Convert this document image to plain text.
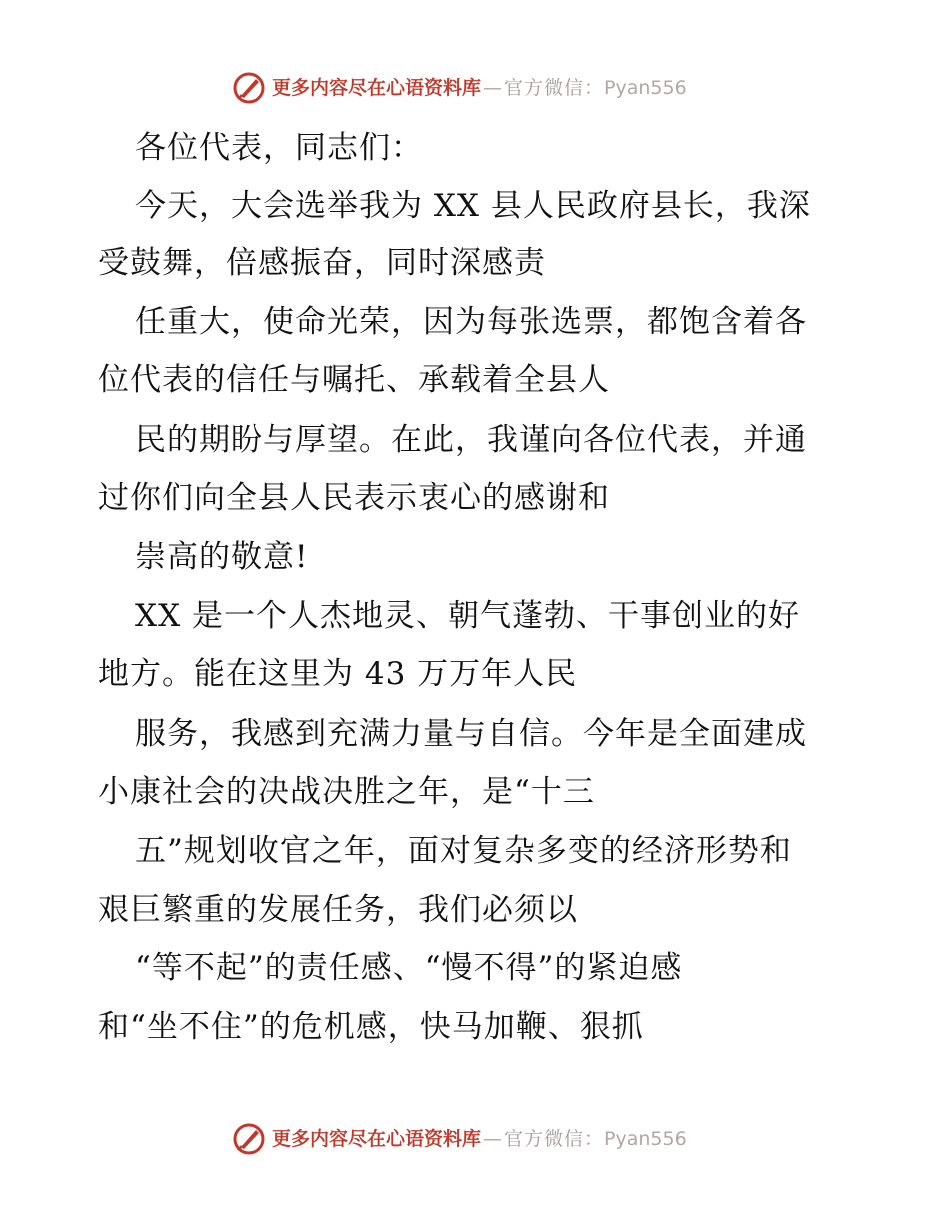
更多内容尽在心语资料库 — 官方微信： Pyan556
各位代表，同志们：
今天，大会选举我为 XX 县人民政府县长，我深
受鼓舞，倍感振奋，同时深感责
任重大，使命光荣，因为每张选票，都饱含着各
位代表的信任与嘱托、承载着全县人
民的期盼与厚望。在此，我谨向各位代表，并通
过你们向全县人民表示衷心的感谢和
崇高的敬意!
XX 是一个人杰地灵、朝气蓬勃、干事创业的好
地方。能在这里为 43 万万年人民
服务，我感到充满力量与自信。今年是全面建成
小康社会的决战决胜之年，是“十三
五”规划收官之年，面对复杂多变的经济形势和
艰巨繁重的发展任务，我们必须以
“等不起”的责任感、“慢不得”的紧迫感
和“坐不住”的危机感，快马加鞭、狠抓
更多内容尽在心语资料库 — 官方微信： Pyan556
